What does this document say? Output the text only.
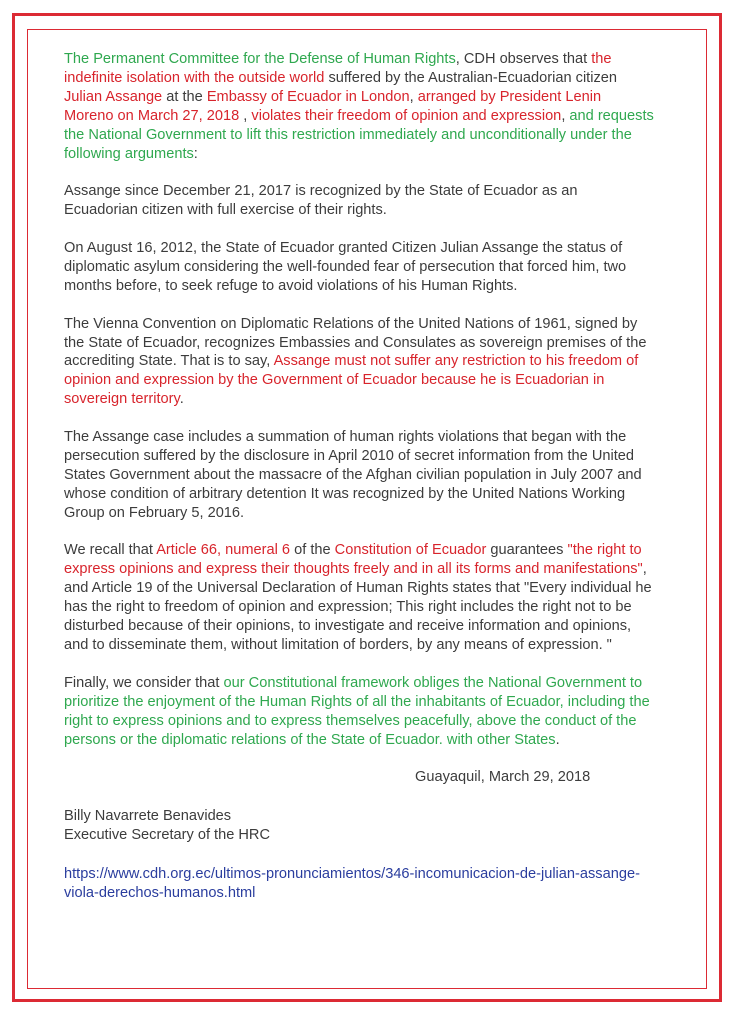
The Permanent Committee for the Defense of Human Rights, CDH observes that the indefinite isolation with the outside world suffered by the Australian-Ecuadorian citizen Julian Assange at the Embassy of Ecuador in London, arranged by President Lenin Moreno on March 27, 2018 , violates their freedom of opinion and expression, and requests the National Government to lift this restriction immediately and unconditionally under the following arguments:

Assange since December 21, 2017 is recognized by the State of Ecuador as an Ecuadorian citizen with full exercise of their rights.

On August 16, 2012, the State of Ecuador granted Citizen Julian Assange the status of diplomatic asylum considering the well-founded fear of persecution that forced him, two months before, to seek refuge to avoid violations of his Human Rights.

The Vienna Convention on Diplomatic Relations of the United Nations of 1961, signed by the State of Ecuador, recognizes Embassies and Consulates as sovereign premises of the accrediting State. That is to say, Assange must not suffer any restriction to his freedom of opinion and expression by the Government of Ecuador because he is Ecuadorian in sovereign territory.

The Assange case includes a summation of human rights violations that began with the persecution suffered by the disclosure in April 2010 of secret information from the United States Government about the massacre of the Afghan civilian population in July 2007 and whose condition of arbitrary detention It was recognized by the United Nations Working Group on February 5, 2016.

We recall that Article 66, numeral 6 of the Constitution of Ecuador guarantees "the right to express opinions and express their thoughts freely and in all its forms and manifestations", and Article 19 of the Universal Declaration of Human Rights states that "Every individual he has the right to freedom of opinion and expression; This right includes the right not to be disturbed because of their opinions, to investigate and receive information and opinions, and to disseminate them, without limitation of borders, by any means of expression. "

Finally, we consider that our Constitutional framework obliges the National Government to prioritize the enjoyment of the Human Rights of all the inhabitants of Ecuador, including the right to express opinions and to express themselves peacefully, above the conduct of the persons or the diplomatic relations of the State of Ecuador. with other States.

Guayaquil, March 29, 2018
Billy Navarrete Benavides
Executive Secretary of the HRC
https://www.cdh.org.ec/ultimos-pronunciamientos/346-incomunicacion-de-julian-assange-viola-derechos-humanos.html
